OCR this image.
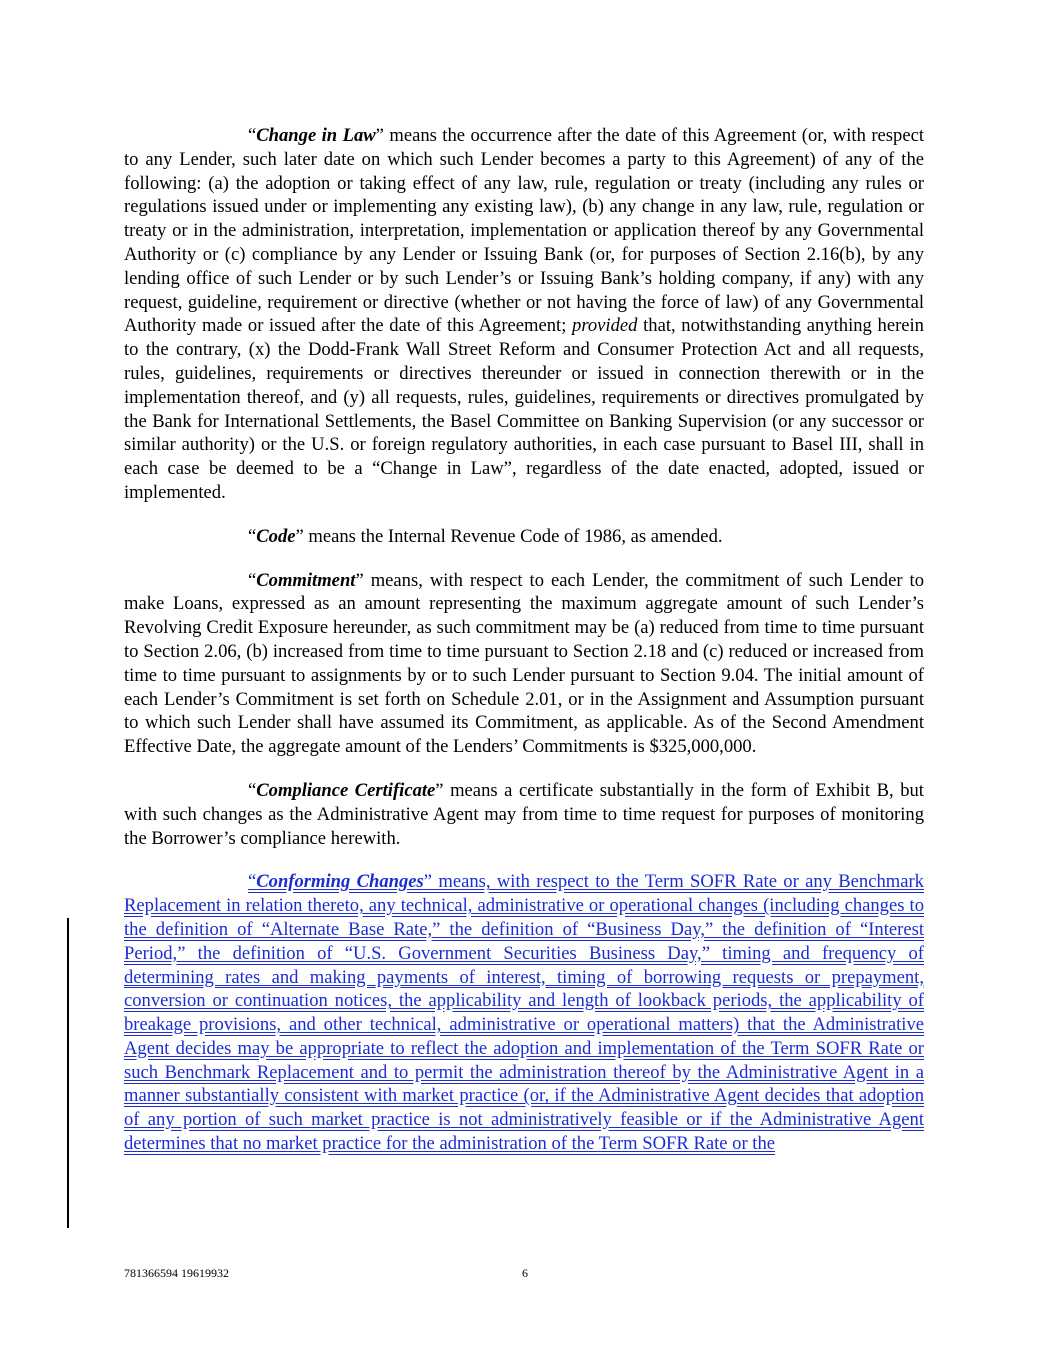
“Change in Law” means the occurrence after the date of this Agreement (or, with respect to any Lender, such later date on which such Lender becomes a party to this Agreement) of any of the following: (a) the adoption or taking effect of any law, rule, regulation or treaty (including any rules or regulations issued under or implementing any existing law), (b) any change in any law, rule, regulation or treaty or in the administration, interpretation, implementation or application thereof by any Governmental Authority or (c) compliance by any Lender or Issuing Bank (or, for purposes of Section 2.16(b), by any lending office of such Lender or by such Lender’s or Issuing Bank’s holding company, if any) with any request, guideline, requirement or directive (whether or not having the force of law) of any Governmental Authority made or issued after the date of this Agreement; provided that, notwithstanding anything herein to the contrary, (x) the Dodd-Frank Wall Street Reform and Consumer Protection Act and all requests, rules, guidelines, requirements or directives thereunder or issued in connection therewith or in the implementation thereof, and (y) all requests, rules, guidelines, requirements or directives promulgated by the Bank for International Settlements, the Basel Committee on Banking Supervision (or any successor or similar authority) or the U.S. or foreign regulatory authorities, in each case pursuant to Basel III, shall in each case be deemed to be a “Change in Law”, regardless of the date enacted, adopted, issued or implemented.

“Code” means the Internal Revenue Code of 1986, as amended.

“Commitment” means, with respect to each Lender, the commitment of such Lender to make Loans, expressed as an amount representing the maximum aggregate amount of such Lender’s Revolving Credit Exposure hereunder, as such commitment may be (a) reduced from time to time pursuant to Section 2.06, (b) increased from time to time pursuant to Section 2.18 and (c) reduced or increased from time to time pursuant to assignments by or to such Lender pursuant to Section 9.04. The initial amount of each Lender’s Commitment is set forth on Schedule 2.01, or in the Assignment and Assumption pursuant to which such Lender shall have assumed its Commitment, as applicable. As of the Second Amendment Effective Date, the aggregate amount of the Lenders’ Commitments is $325,000,000.

“Compliance Certificate” means a certificate substantially in the form of Exhibit B, but with such changes as the Administrative Agent may from time to time request for purposes of monitoring the Borrower’s compliance herewith.

“Conforming Changes” means, with respect to the Term SOFR Rate or any Benchmark Replacement in relation thereto, any technical, administrative or operational changes (including changes to the definition of “Alternate Base Rate,” the definition of “Business Day,” the definition of “Interest Period,” the definition of “U.S. Government Securities Business Day,” timing and frequency of determining rates and making payments of interest, timing of borrowing requests or prepayment, conversion or continuation notices, the applicability and length of lookback periods, the applicability of breakage provisions, and other technical, administrative or operational matters) that the Administrative Agent decides may be appropriate to reflect the adoption and implementation of the Term SOFR Rate or such Benchmark Replacement and to permit the administration thereof by the Administrative Agent in a manner substantially consistent with market practice (or, if the Administrative Agent decides that adoption of any portion of such market practice is not administratively feasible or if the Administrative Agent determines that no market practice for the administration of the Term SOFR Rate or the

781366594 19619932	6
